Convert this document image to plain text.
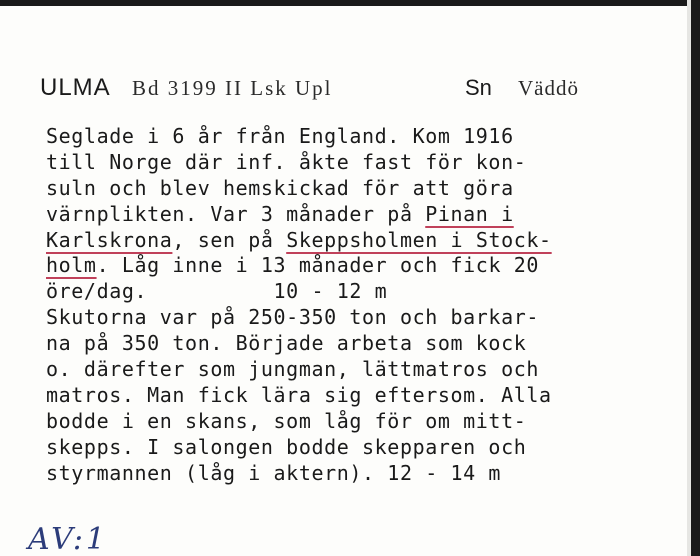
ULMA Bd 3199 II Lsk Upl	Sn Väddö
Seglade i 6 år från England. Kom 1916
till Norge där inf. åkte fast för kon-
suln och blev hemskickad för att göra
värnplikten. Var 3 månader på Pinan i
Karlskrona, sen på Skeppsholmen i Stock-
holm. Låg inne i 13 månader och fick 20
öre/dag.          10 - 12 m
Skutorna var på 250-350 ton och barkar-
na på 350 ton. Började arbeta som kock
o. därefter som jungman, lättmatros och
matros. Man fick lära sig eftersom. Alla
bodde i en skans, som låg för om mitt-
skepps. I salongen bodde skepparen och
styrmannen (låg i aktern). 12 - 14 m
AV:1
